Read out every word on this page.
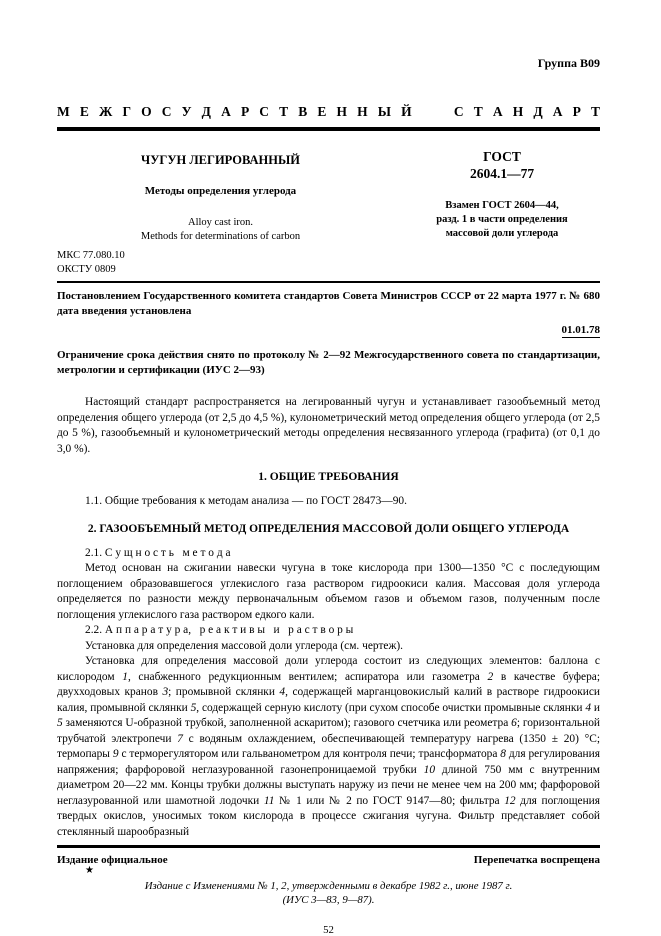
Группа В09
М Е Ж Г О С У Д А Р С Т В Е Н Н Ы Й	С Т А Н Д А Р Т
ЧУГУН ЛЕГИРОВАННЫЙ
Методы определения углерода
Alloy cast iron.
Methods for determinations of carbon
ГОСТ
2604.1—77
Взамен ГОСТ 2604—44,
разд. 1 в части определения
массовой доли углерода
МКС 77.080.10
ОКСТУ 0809

Постановлением Государственного комитета стандартов Совета Министров СССР от 22 марта 1977 г. № 680 дата введения установлена

01.01.78

Ограничение срока действия снято по протоколу № 2—92 Межгосударственного совета по стандартизации, метрологии и сертификации (ИУС 2—93)

Настоящий стандарт распространяется на легированный чугун и устанавливает газообъемный метод определения общего углерода (от 2,5 до 4,5 %), кулонометрический метод определения общего углерода (от 2,5 до 5 %), газообъемный и кулонометрический методы определения несвязанного углерода (графита) (от 0,1 до 3,0 %).

1. ОБЩИЕ ТРЕБОВАНИЯ

1.1. Общие требования к методам анализа — по ГОСТ 28473—90.

2. ГАЗООБЪЕМНЫЙ МЕТОД ОПРЕДЕЛЕНИЯ МАССОВОЙ ДОЛИ ОБЩЕГО УГЛЕРОДА

2.1. С у щ н о с т ь   м е т о д а

Метод основан на сжигании навески чугуна в токе кислорода при 1300—1350 °С с последующим поглощением образовавшегося углекислого газа раствором гидроокиси калия. Массовая доля углерода определяется по разности между первоначальным объемом газов и объемом газов, полученным после поглощения углекислого газа раствором едкого кали.

2.2. А п п а р а т у р а,   р е а к т и в ы   и   р а с т в о р ы

Установка для определения массовой доли углерода (см. чертеж).

Установка для определения массовой доли углерода состоит из следующих элементов: баллона с кислородом 1, снабженного редукционным вентилем; аспиратора или газометра 2 в качестве буфера; двухходовых кранов 3; промывной склянки 4, содержащей марганцовокислый калий в растворе гидроокиси калия, промывной склянки 5, содержащей серную кислоту (при сухом способе очистки промывные склянки 4 и 5 заменяются U-образной трубкой, заполненной аскаритом); газового счетчика или реометра 6; горизонтальной трубчатой электропечи 7 с водяным охлаждением, обеспечивающей температуру нагрева (1350 ± 20) °С; термопары 9 с терморегулятором или гальванометром для контроля печи; трансформатора 8 для регулирования напряжения; фарфоровой неглазурованной газонепроницаемой трубки 10 длиной 750 мм с внутренним диаметром 20—22 мм. Концы трубки должны выступать наружу из печи не менее чем на 200 мм; фарфоровой неглазурованной или шамотной лодочки 11 № 1 или № 2 по ГОСТ 9147—80; фильтра 12 для поглощения твердых окислов, уносимых током кислорода в процессе сжигания чугуна. Фильтр представляет собой стеклянный шарообразный

Издание официальное	Перепечатка воспрещена
★
Издание с Изменениями № 1, 2, утвержденными в декабре 1982 г., июне 1987 г.
(ИУС 3—83, 9—87).
52
